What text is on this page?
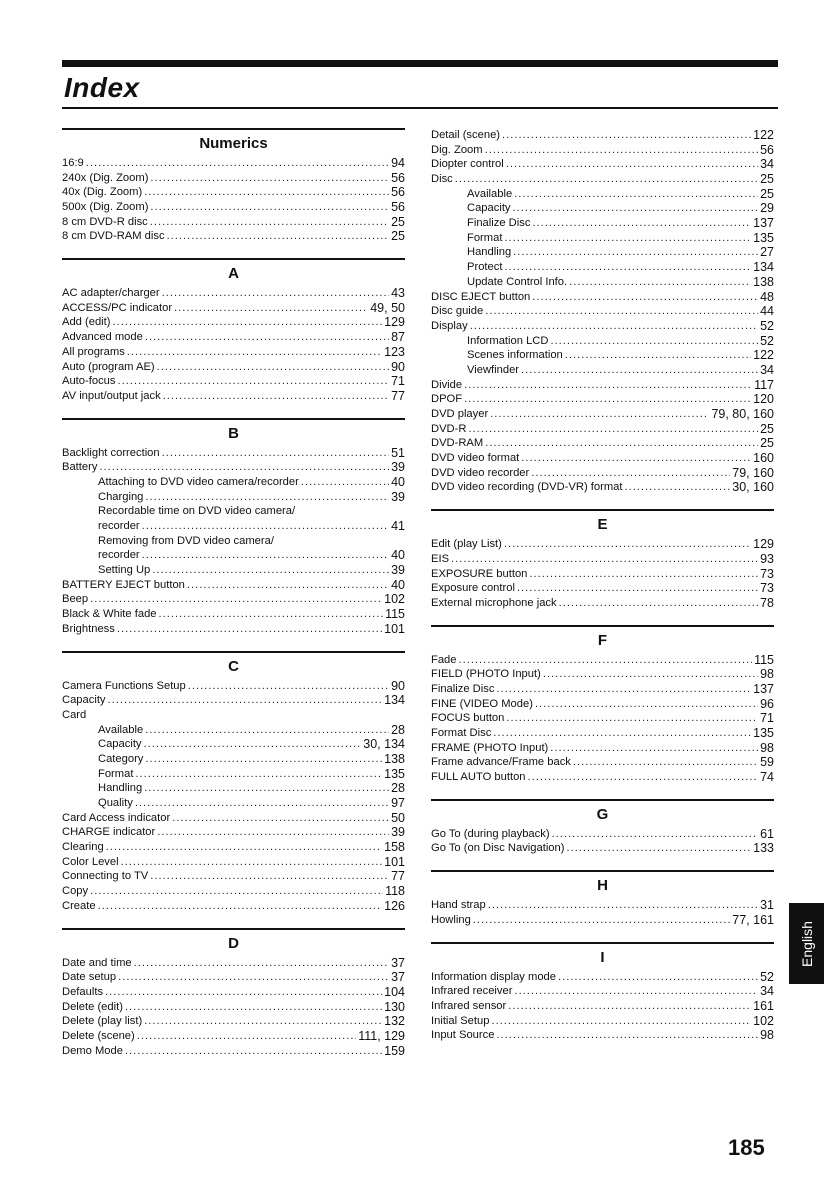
Index
Numerics
16:9 .....	94
240x (Dig. Zoom) .....	56
40x (Dig. Zoom) .....	56
500x (Dig. Zoom) .....	56
8 cm DVD-R disc .....	25
8 cm DVD-RAM disc .....	25
A
AC adapter/charger .....	43
ACCESS/PC indicator .....	49, 50
Add (edit) .....	129
Advanced mode .....	87
All programs .....	123
Auto (program AE) .....	90
Auto-focus .....	71
AV input/output jack .....	77
B
Backlight correction .....	51
Battery .....	39
Attaching to DVD video camera/recorder .....	40
Charging .....	39
Recordable time on DVD video camera/
recorder .....	41
Removing from DVD video camera/
recorder .....	40
Setting Up .....	39
BATTERY EJECT button .....	40
Beep .....	102
Black & White fade .....	115
Brightness .....	101
C
Camera Functions Setup .....	90
Capacity .....	134
Card
Available .....	28
Capacity .....	30, 134
Category .....	138
Format .....	135
Handling .....	28
Quality .....	97
Card Access indicator .....	50
CHARGE indicator .....	39
Clearing .....	158
Color Level .....	101
Connecting to TV .....	77
Copy .....	118
Create .....	126
D
Date and time .....	37
Date setup .....	37
Defaults .....	104
Delete (edit) .....	130
Delete (play list) .....	132
Delete (scene) .....	111, 129
Demo Mode .....	159
Detail (scene) .....	122
Dig. Zoom .....	56
Diopter control .....	34
Disc .....	25
Available .....	25
Capacity .....	29
Finalize Disc .....	137
Format .....	135
Handling .....	27
Protect .....	134
Update Control Info. .....	138
DISC EJECT button .....	48
Disc guide .....	44
Display .....	52
Information LCD .....	52
Scenes information .....	122
Viewfinder .....	34
Divide .....	117
DPOF .....	120
DVD player .....	79, 80, 160
DVD-R .....	25
DVD-RAM .....	25
DVD video format .....	160
DVD video recorder .....	79, 160
DVD video recording (DVD-VR) format .....	30, 160
E
Edit (play List) .....	129
EIS .....	93
EXPOSURE button .....	73
Exposure control .....	73
External microphone jack .....	78
F
Fade .....	115
FIELD (PHOTO Input) .....	98
Finalize Disc .....	137
FINE (VIDEO Mode) .....	96
FOCUS button .....	71
Format Disc .....	135
FRAME (PHOTO Input) .....	98
Frame advance/Frame back .....	59
FULL AUTO button .....	74
G
Go To (during playback) .....	61
Go To (on Disc Navigation) .....	133
H
Hand strap .....	31
Howling .....	77, 161
I
Information display mode .....	52
Infrared receiver .....	34
Infrared sensor .....	161
Initial Setup .....	102
Input Source .....	98
English
185
